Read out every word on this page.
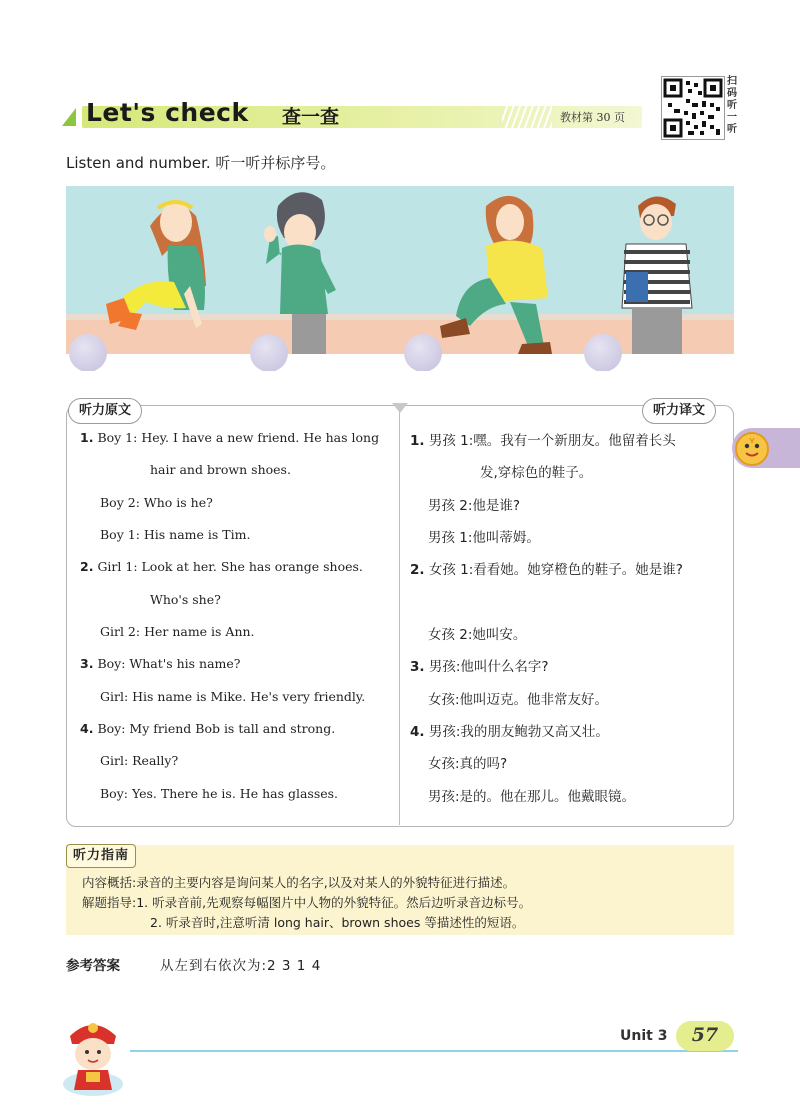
Let's check 查一查	教材第 30 页
扫码听一听
Listen and number. 听一听并标序号。
听力原文	听力译文
1. Boy 1: Hey. I have a new friend. He has long
hair and brown shoes.
Boy 2: Who is he?
Boy 1: His name is Tim.
2. Girl 1: Look at her. She has orange shoes.
Who's she?
Girl 2: Her name is Ann.
3. Boy: What's his name?
Girl: His name is Mike. He's very friendly.
4. Boy: My friend Bob is tall and strong.
Girl: Really?
Boy: Yes. There he is. He has glasses.
1. 男孩 1:嘿。我有一个新朋友。他留着长头
发,穿棕色的鞋子。
男孩 2:他是谁?
男孩 1:他叫蒂姆。
2. 女孩 1:看看她。她穿橙色的鞋子。她是谁?
女孩 2:她叫安。
3. 男孩:他叫什么名字?
女孩:他叫迈克。他非常友好。
4. 男孩:我的朋友鲍勃又高又壮。
女孩:真的吗?
男孩:是的。他在那儿。他戴眼镜。
听力指南
内容概括:录音的主要内容是询问某人的名字,以及对某人的外貌特征进行描述。
解题指导:1. 听录音前,先观察每幅图片中人物的外貌特征。然后边听录音边标号。
2. 听录音时,注意听清 long hair、brown shoes 等描述性的短语。
参考答案	从左到右依次为:2 3 1 4
Unit 3	57
